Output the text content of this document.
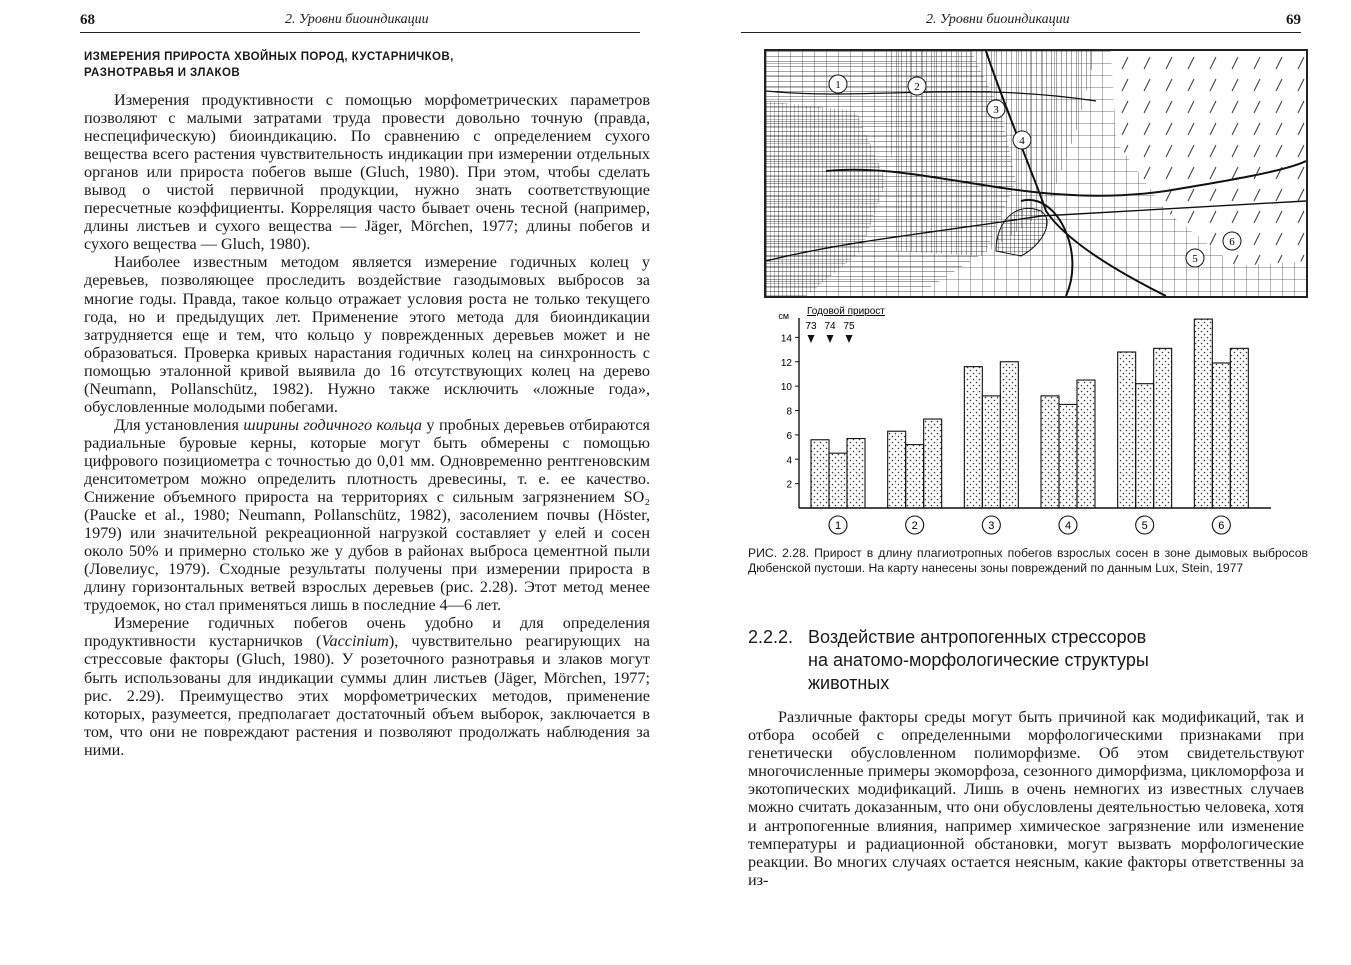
68	2. Уровни биоиндикации
ИЗМЕРЕНИЯ ПРИРОСТА ХВОЙНЫХ ПОРОД, КУСТАРНИЧКОВ,
РАЗНОТРАВЬЯ И ЗЛАКОВ

Измерения продуктивности с помощью морфометрических параметров позволяют с малыми затратами труда провести довольно точную (правда, неспецифическую) биоиндикацию. По сравнению с определением сухого вещества всего растения чувствительность индикации при измерении отдельных органов или прироста побегов выше (Gluch, 1980). При этом, чтобы сделать вывод о чистой первичной продукции, нужно знать соответствующие пересчетные коэффициенты. Корреляция часто бывает очень тесной (например, длины листьев и сухого вещества — Jäger, Mörchen, 1977; длины побегов и сухого вещества — Gluch, 1980).

Наиболее известным методом является измерение годичных колец у деревьев, позволяющее проследить воздействие газодымовых выбросов за многие годы. Правда, такое кольцо отражает условия роста не только текущего года, но и предыдущих лет. Применение этого метода для биоиндикации затрудняется еще и тем, что кольцо у поврежденных деревьев может и не образоваться. Проверка кривых нарастания годичных колец на синхронность с помощью эталонной кривой выявила до 16 отсутствующих колец на дерево (Neumann, Pollanschütz, 1982). Нужно также исключить «ложные года», обусловленные молодыми побегами.

Для установления ширины годичного кольца у пробных деревьев отбираются радиальные буровые керны, которые могут быть обмерены с помощью цифрового позициометра с точностью до 0,01 мм. Одновременно рентгеновским денситометром можно определить плотность древесины, т. е. ее качество. Снижение объемного прироста на территориях с сильным загрязнением SO₂ (Paucke et al., 1980; Neumann, Pollanschütz, 1982), засолением почвы (Höster, 1979) или значительной рекреационной нагрузкой составляет у елей и сосен около 50% и примерно столько же у дубов в районах выброса цементной пыли (Ловелиус, 1979). Сходные результаты получены при измерении прироста в длину горизонтальных ветвей взрослых деревьев (рис. 2.28). Этот метод менее трудоемок, но стал применяться лишь в последние 4—6 лет.

Измерение годичных побегов очень удобно и для определения продуктивности кустарничков (Vaccinium), чувствительно реагирующих на стрессовые факторы (Gluch, 1980). У розеточного разнотравья и злаков могут быть использованы для индикации суммы длин листьев (Jäger, Mörchen, 1977; рис. 2.29). Преимущество этих морфометрических методов, применение которых, разумеется, предполагает достаточный объем выборок, заключается в том, что они не повреждают растения и позволяют продолжать наблюдения за ними.

2. Уровни биоиндикации	69
1	2
3
4
5
6
2
4
6
8
10
12
14
см
1	2	3	4	5	6
Годовой прирост
73 74 75
РИС. 2.28. Прирост в длину плагиотропных побегов взрослых сосен в зоне дымовых выбросов Дюбенской пустоши. На карту нанесены зоны повреждений по данным Lux, Stein, 1977
2.2.2. Воздействие антропогенных стрессоров
на анатомо-морфологические структуры
животных

Различные факторы среды могут быть причиной как модификаций, так и отбора особей с определенными морфологическими признаками при генетически обусловленном полиморфизме. Об этом свидетельствуют многочисленные примеры экоморфоза, сезонного диморфизма, цикломорфоза и экотопических модификаций. Лишь в очень немногих из известных случаев можно считать доказанным, что они обусловлены деятельностью человека, хотя и антропогенные влияния, например химическое загрязнение или изменение температуры и радиационной обстановки, могут вызвать морфологические реакции. Во многих случаях остается неясным, какие факторы ответственны за из-
